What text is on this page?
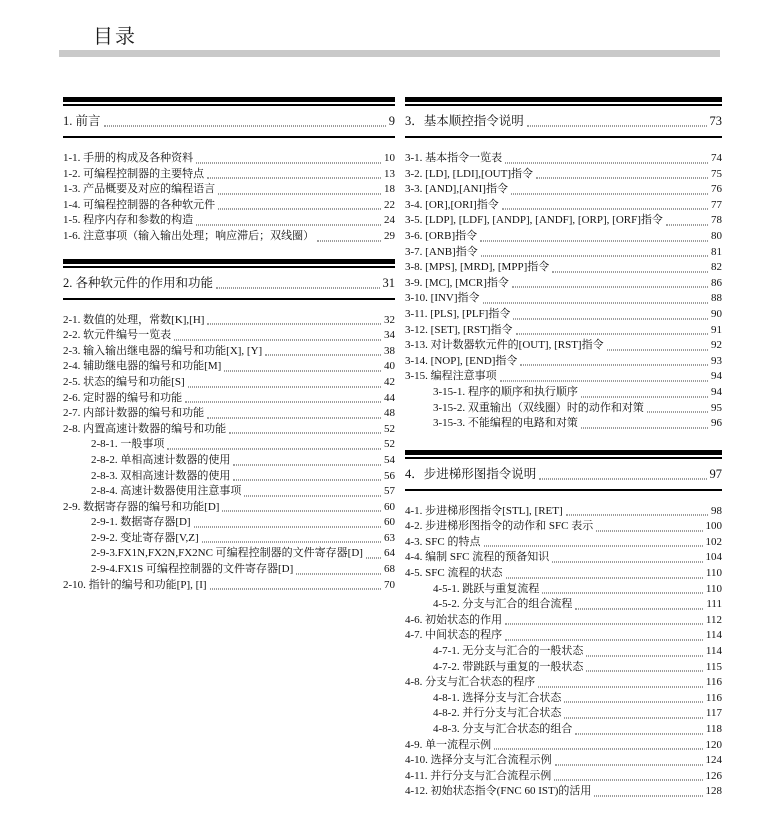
目录
1. 前言	9
1-1. 手册的构成及各种资料	10
1-2. 可编程控制器的主要特点	13
1-3. 产品概要及对应的编程语言	18
1-4. 可编程控制器的各种软元件	22
1-5. 程序内存和参数的构造	24
1-6. 注意事项（输入输出处理；响应滞后；双线圈）	29
2. 各种软元件的作用和功能	31
2-1. 数值的处理，常数[K],[H]	32
2-2. 软元件编号一览表	34
2-3. 输入输出继电器的编号和功能[X], [Y]	38
2-4. 辅助继电器的编号和功能[M]	40
2-5. 状态的编号和功能[S]	42
2-6. 定时器的编号和功能	44
2-7. 内部计数器的编号和功能	48
2-8. 内置高速计数器的编号和功能	52
2-8-1. 一般事项	52
2-8-2. 单相高速计数器的使用	54
2-8-3. 双相高速计数器的使用	56
2-8-4. 高速计数器使用注意事项	57
2-9. 数据寄存器的编号和功能[D]	60
2-9-1. 数据寄存器[D]	60
2-9-2. 变址寄存器[V,Z]	63
2-9-3.FX1N,FX2N,FX2NC 可编程控制器的文件寄存器[D] 64
2-9-4.FX1S 可编程控制器的文件寄存器[D]	68
2-10. 指针的编号和功能[P], [I]	70
3．基本顺控指令说明	73
3-1. 基本指令一览表	74
3-2. [LD], [LDI],[OUT]指令	75
3-3. [AND],[ANI]指令	76
3-4. [OR],[ORI]指令	77
3-5. [LDP], [LDF], [ANDP], [ANDF], [ORP], [ORF]指令	78
3-6. [ORB]指令	80
3-7. [ANB]指令	81
3-8. [MPS], [MRD], [MPP]指令	82
3-9. [MC], [MCR]指令	86
3-10. [INV]指令	88
3-11. [PLS], [PLF]指令	90
3-12. [SET], [RST]指令	91
3-13. 对计数器软元件的[OUT], [RST]指令	92
3-14. [NOP], [END]指令	93
3-15. 编程注意事项	94
3-15-1. 程序的顺序和执行顺序	94
3-15-2. 双重输出（双线圈）时的动作和对策	95
3-15-3. 不能编程的电路和对策	96
4．步进梯形图指令说明	97
4-1. 步进梯形图指令[STL], [RET]	98
4-2. 步进梯形图指令的动作和 SFC 表示	100
4-3. SFC 的特点	102
4-4. 编制 SFC 流程的预备知识	104
4-5. SFC 流程的状态	110
4-5-1. 跳跃与重复流程	110
4-5-2. 分支与汇合的组合流程	111
4-6. 初始状态的作用	112
4-7. 中间状态的程序	114
4-7-1. 无分支与汇合的一般状态	114
4-7-2. 带跳跃与重复的一般状态	115
4-8. 分支与汇合状态的程序	116
4-8-1. 选择分支与汇合状态	116
4-8-2. 并行分支与汇合状态	117
4-8-3. 分支与汇合状态的组合	118
4-9. 单一流程示例	120
4-10. 选择分支与汇合流程示例	124
4-11. 并行分支与汇合流程示例	126
4-12. 初始状态指令(FNC 60 IST)的活用	128
